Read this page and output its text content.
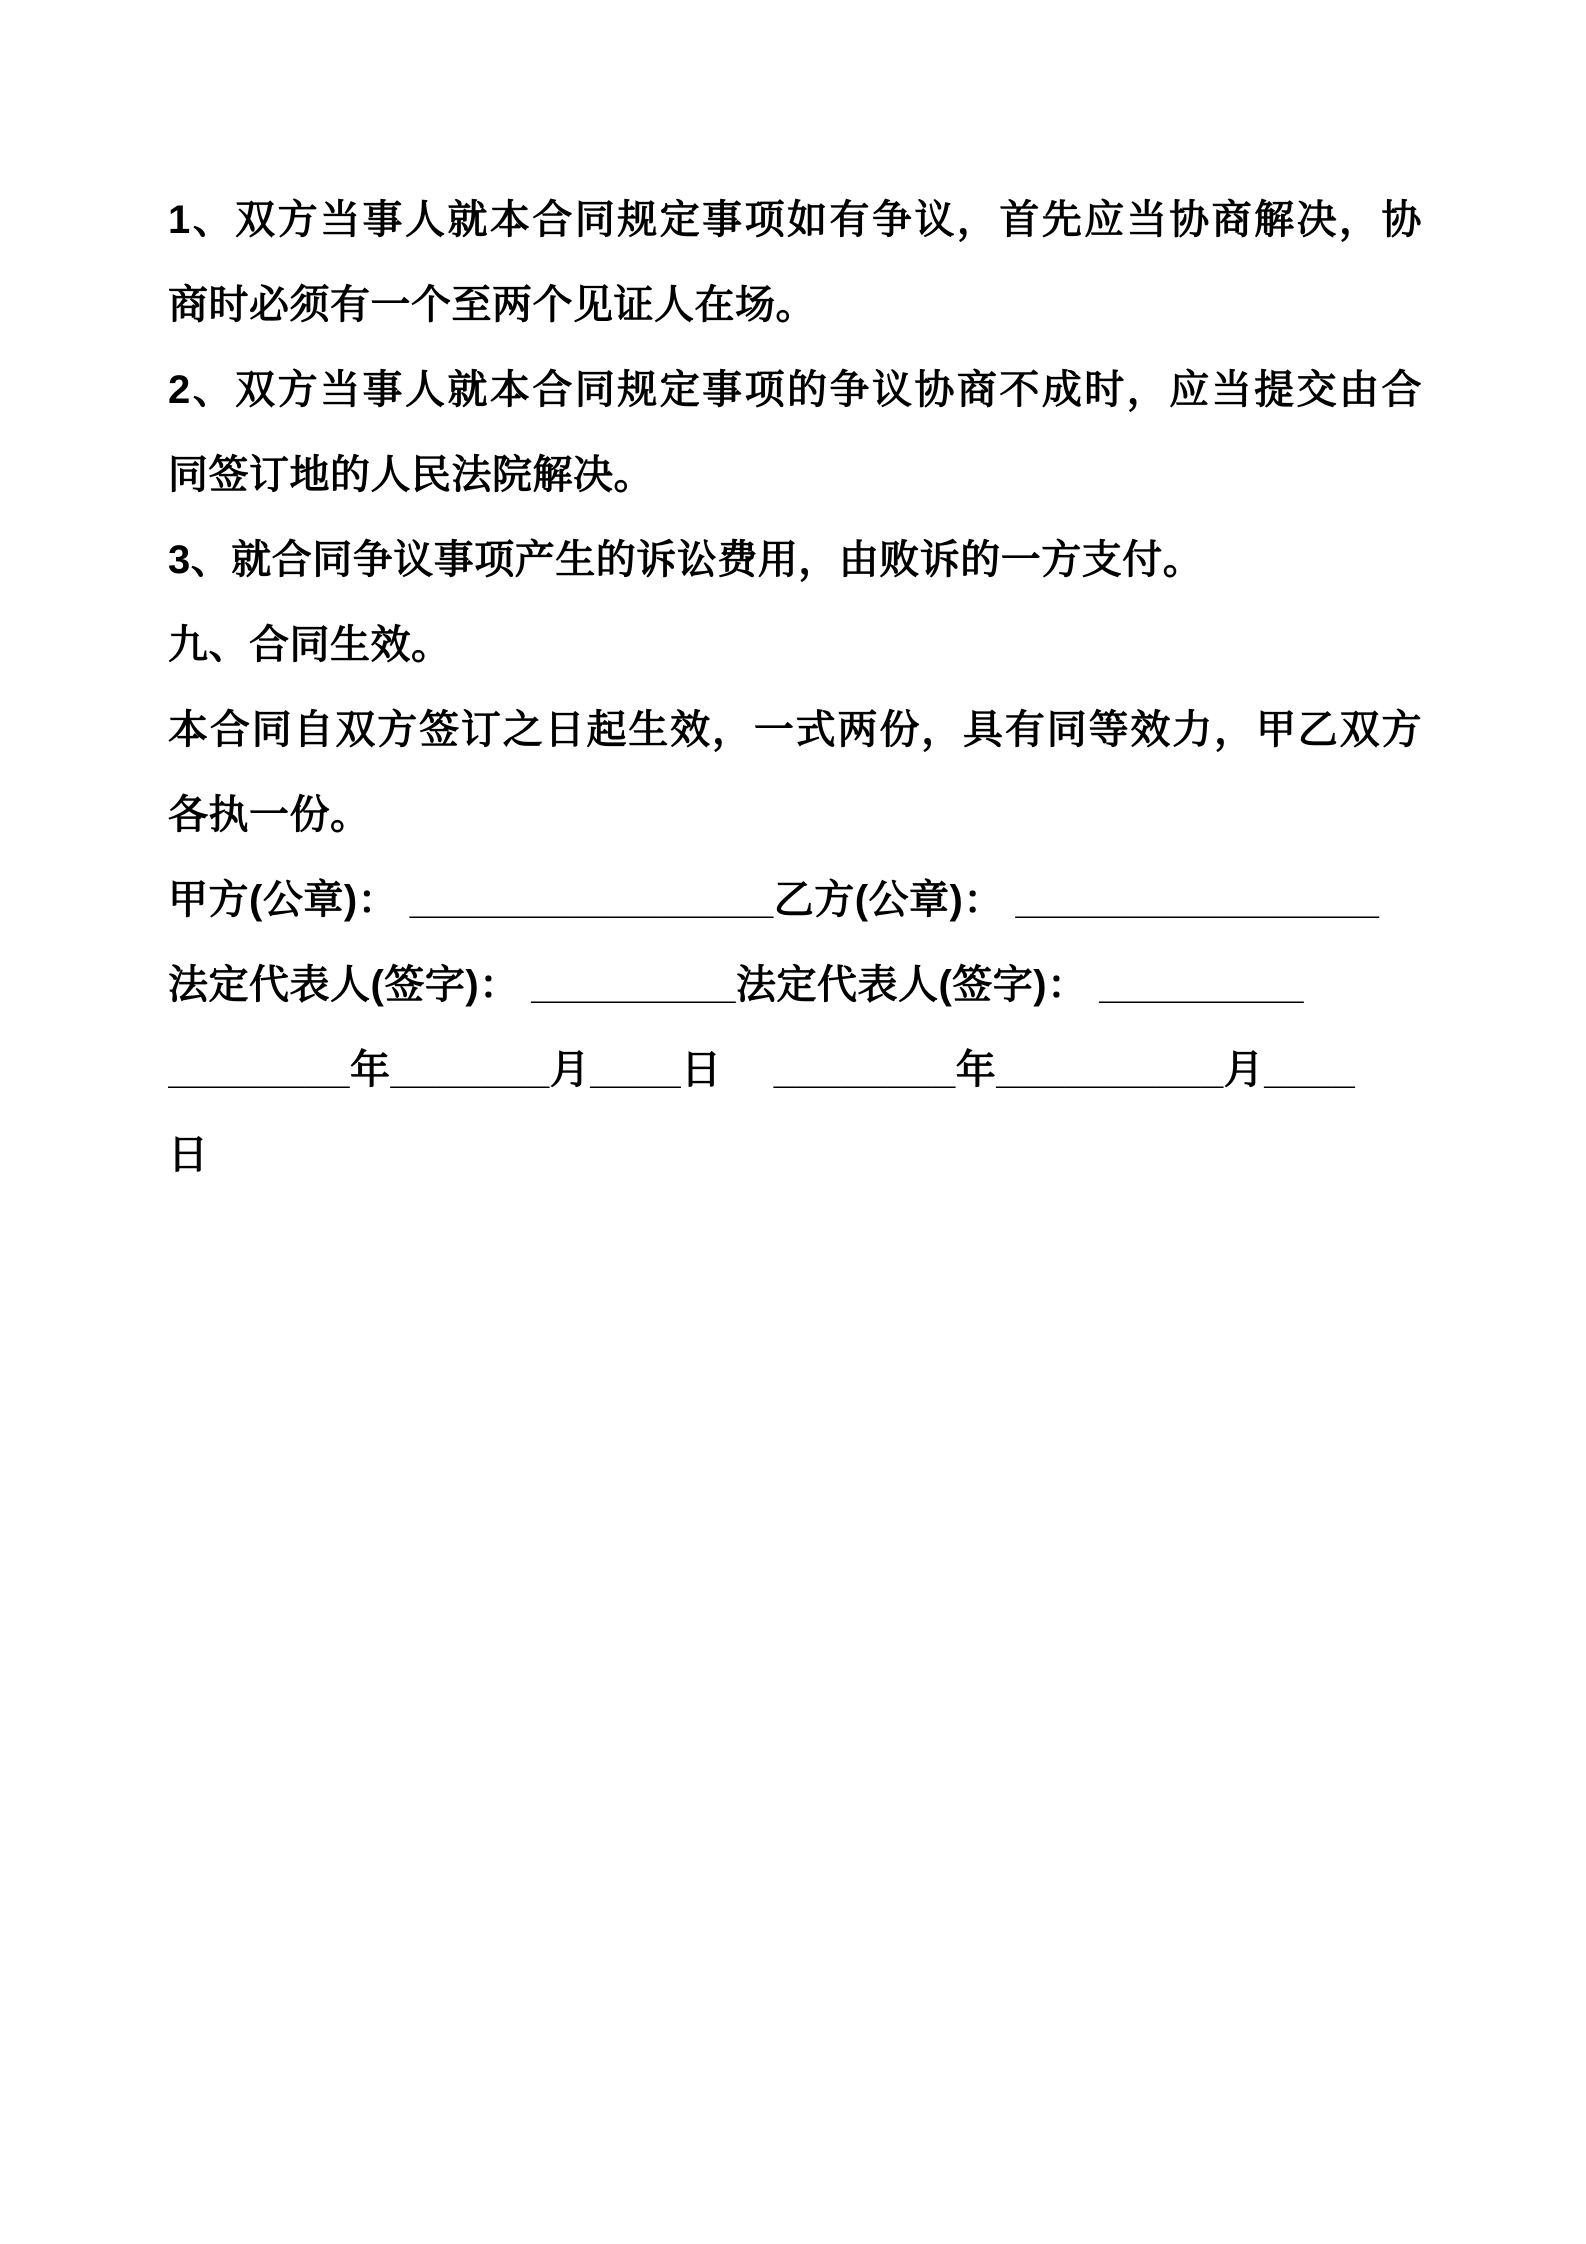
1、双方当事人就本合同规定事项如有争议，首先应当协商解决，协
商时必须有一个至两个见证人在场。
2、双方当事人就本合同规定事项的争议协商不成时，应当提交由合
同签订地的人民法院解决。
3、就合同争议事项产生的诉讼费用，由败诉的一方支付。
九、合同生效。
本合同自双方签订之日起生效，一式两份，具有同等效力，甲乙双方
各执一份。
甲方(公章)： ________________乙方(公章)： ________________
法定代表人(签字)： _________法定代表人(签字)： _________
________年_______月____日　 ________年__________月____
日
